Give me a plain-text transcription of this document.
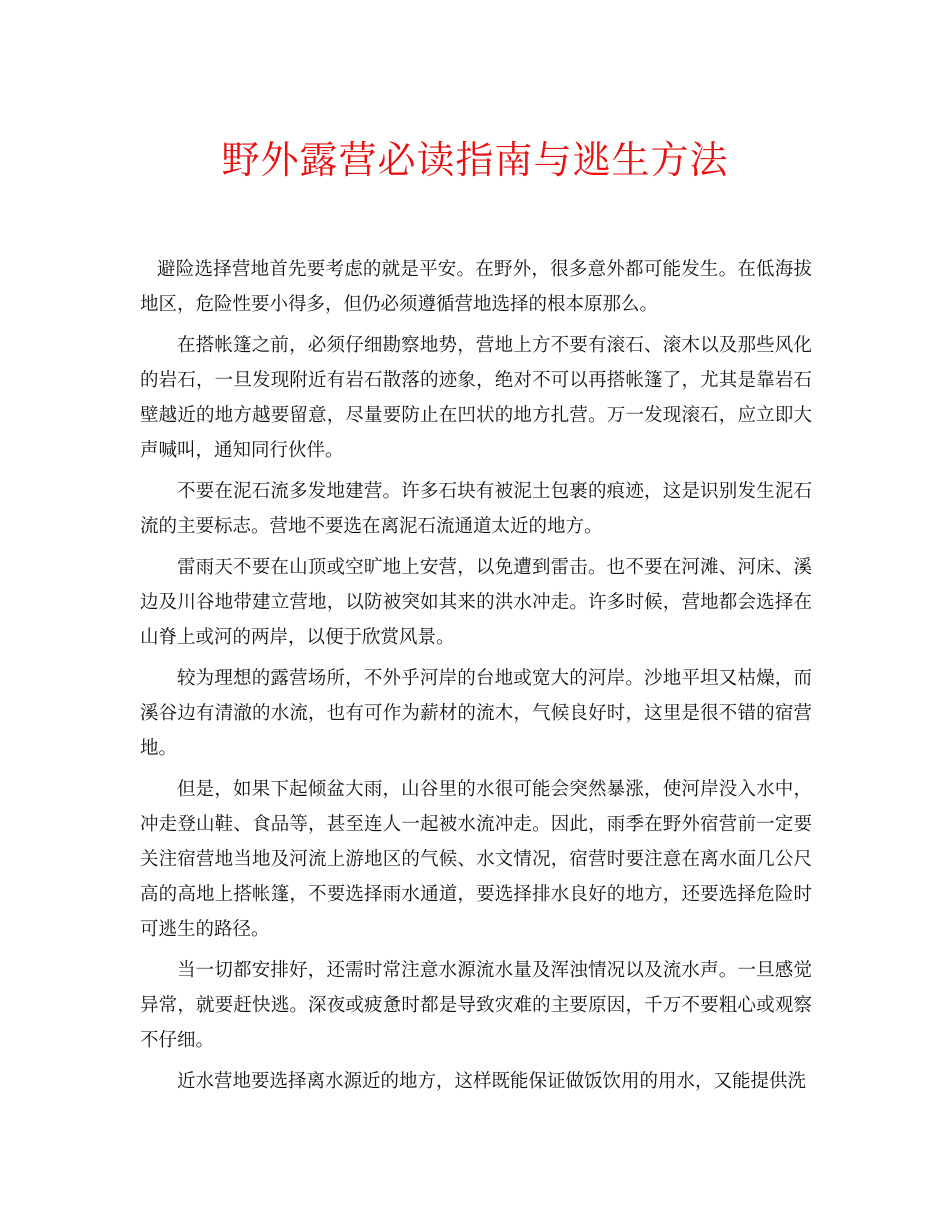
野外露营必读指南与逃生方法

避险选择营地首先要考虑的就是平安。在野外，很多意外都可能发生。在低海拔地区，危险性要小得多，但仍必须遵循营地选择的根本原那么。

在搭帐篷之前，必须仔细勘察地势，营地上方不要有滚石、滚木以及那些风化的岩石，一旦发现附近有岩石散落的迹象，绝对不可以再搭帐篷了，尤其是靠岩石壁越近的地方越要留意，尽量要防止在凹状的地方扎营。万一发现滚石，应立即大声喊叫，通知同行伙伴。

不要在泥石流多发地建营。许多石块有被泥土包裹的痕迹，这是识别发生泥石流的主要标志。营地不要选在离泥石流通道太近的地方。

雷雨天不要在山顶或空旷地上安营，以免遭到雷击。也不要在河滩、河床、溪边及川谷地带建立营地，以防被突如其来的洪水冲走。许多时候，营地都会选择在山脊上或河的两岸，以便于欣赏风景。

较为理想的露营场所，不外乎河岸的台地或宽大的河岸。沙地平坦又枯燥，而溪谷边有清澈的水流，也有可作为薪材的流木，气候良好时，这里是很不错的宿营地。

但是，如果下起倾盆大雨，山谷里的水很可能会突然暴涨，使河岸没入水中，冲走登山鞋、食品等，甚至连人一起被水流冲走。因此，雨季在野外宿营前一定要关注宿营地当地及河流上游地区的气候、水文情况，宿营时要注意在离水面几公尺高的高地上搭帐篷，不要选择雨水通道，要选择排水良好的地方，还要选择危险时可逃生的路径。

当一切都安排好，还需时常注意水源流水量及浑浊情况以及流水声。一旦感觉异常，就要赶快逃。深夜或疲惫时都是导致灾难的主要原因，千万不要粗心或观察不仔细。

近水营地要选择离水源近的地方，这样既能保证做饭饮用的用水，又能提供洗
